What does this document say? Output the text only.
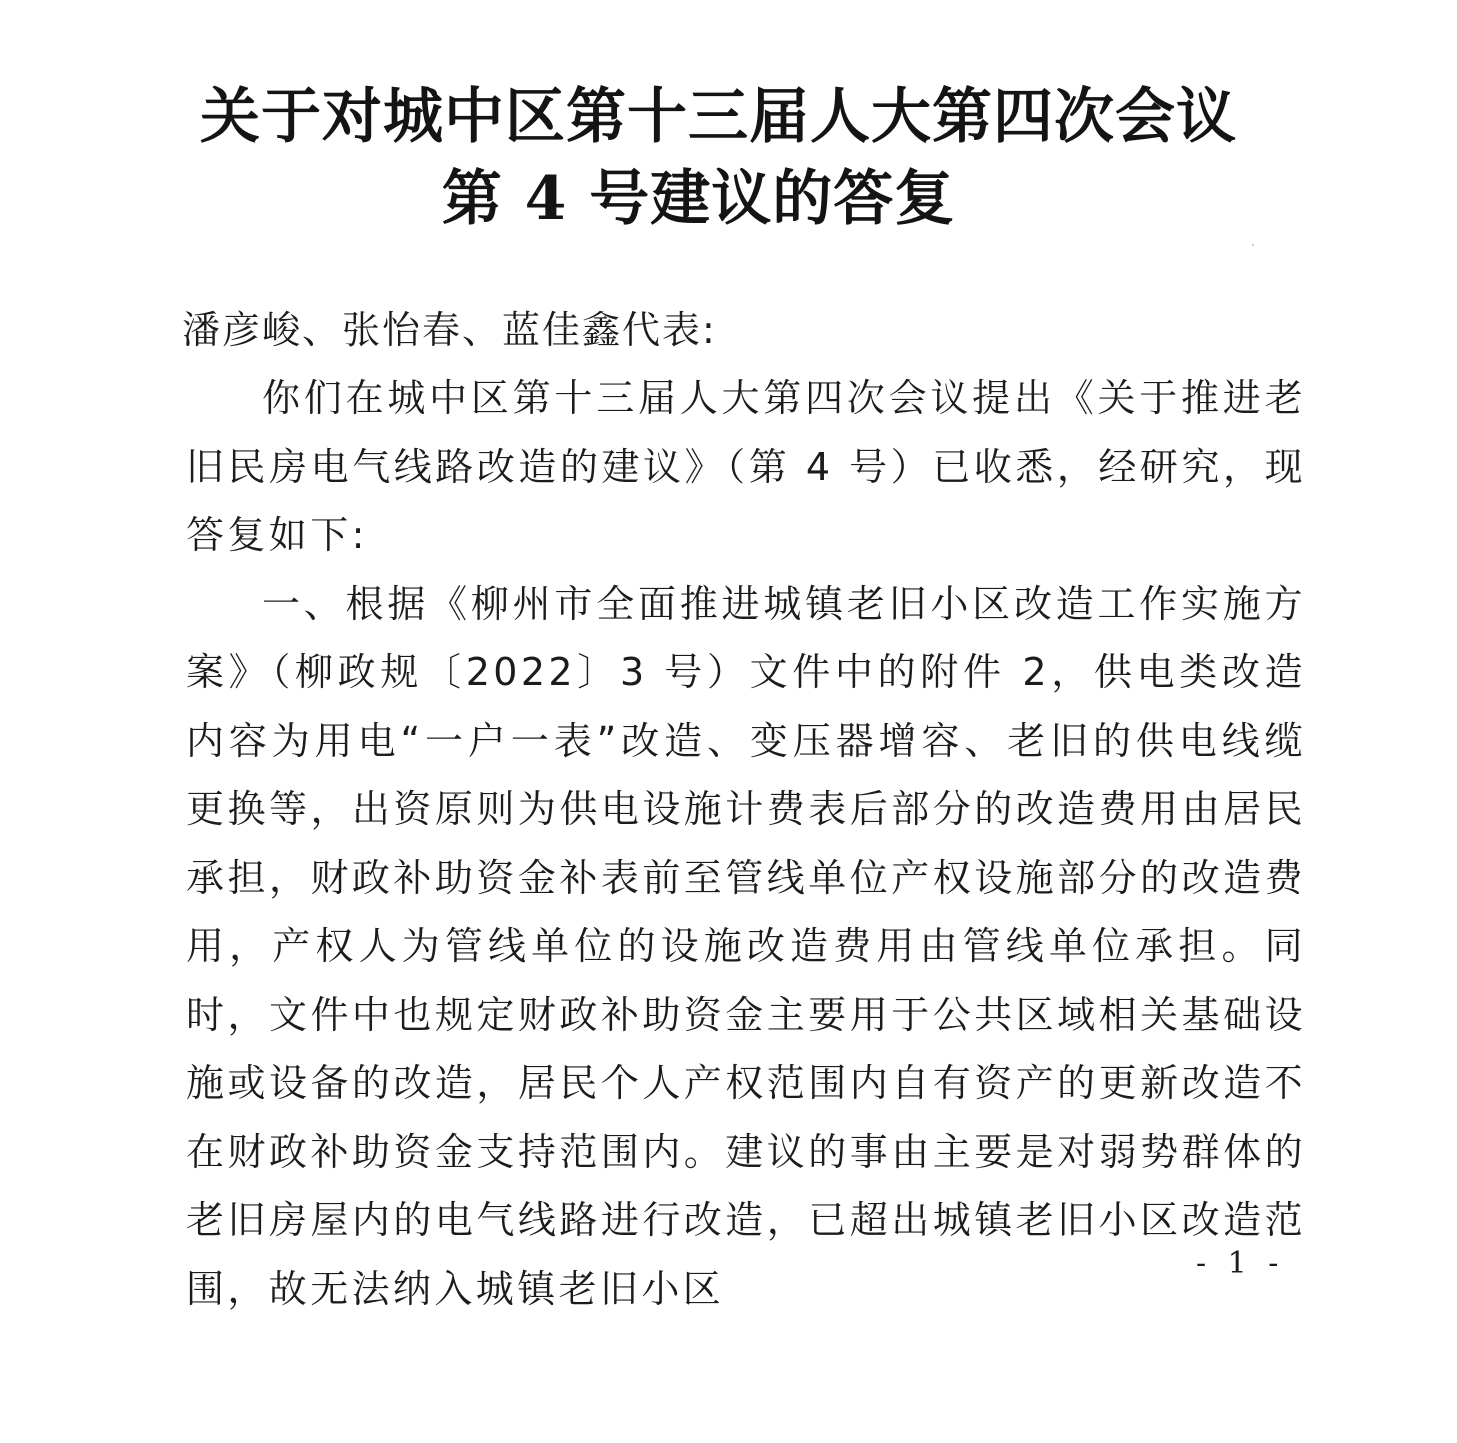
关于对城中区第十三届人大第四次会议
第 4 号建议的答复
潘彦峻、张怡春、蓝佳鑫代表:

你们在城中区第十三届人大第四次会议提出《关于推进老旧民房电气线路改造的建议》（第 4 号）已收悉，经研究，现答复如下:

一、根据《柳州市全面推进城镇老旧小区改造工作实施方案》（柳政规〔2022〕3 号）文件中的附件 2，供电类改造内容为用电“一户一表”改造、变压器增容、老旧的供电线缆更换等，出资原则为供电设施计费表后部分的改造费用由居民承担，财政补助资金补表前至管线单位产权设施部分的改造费用，产权人为管线单位的设施改造费用由管线单位承担。同时，文件中也规定财政补助资金主要用于公共区域相关基础设施或设备的改造，居民个人产权范围内自有资产的更新改造不在财政补助资金支持范围内。建议的事由主要是对弱势群体的老旧房屋内的电气线路进行改造，已超出城镇老旧小区改造范围，故无法纳入城镇老旧小区

- 1 -
